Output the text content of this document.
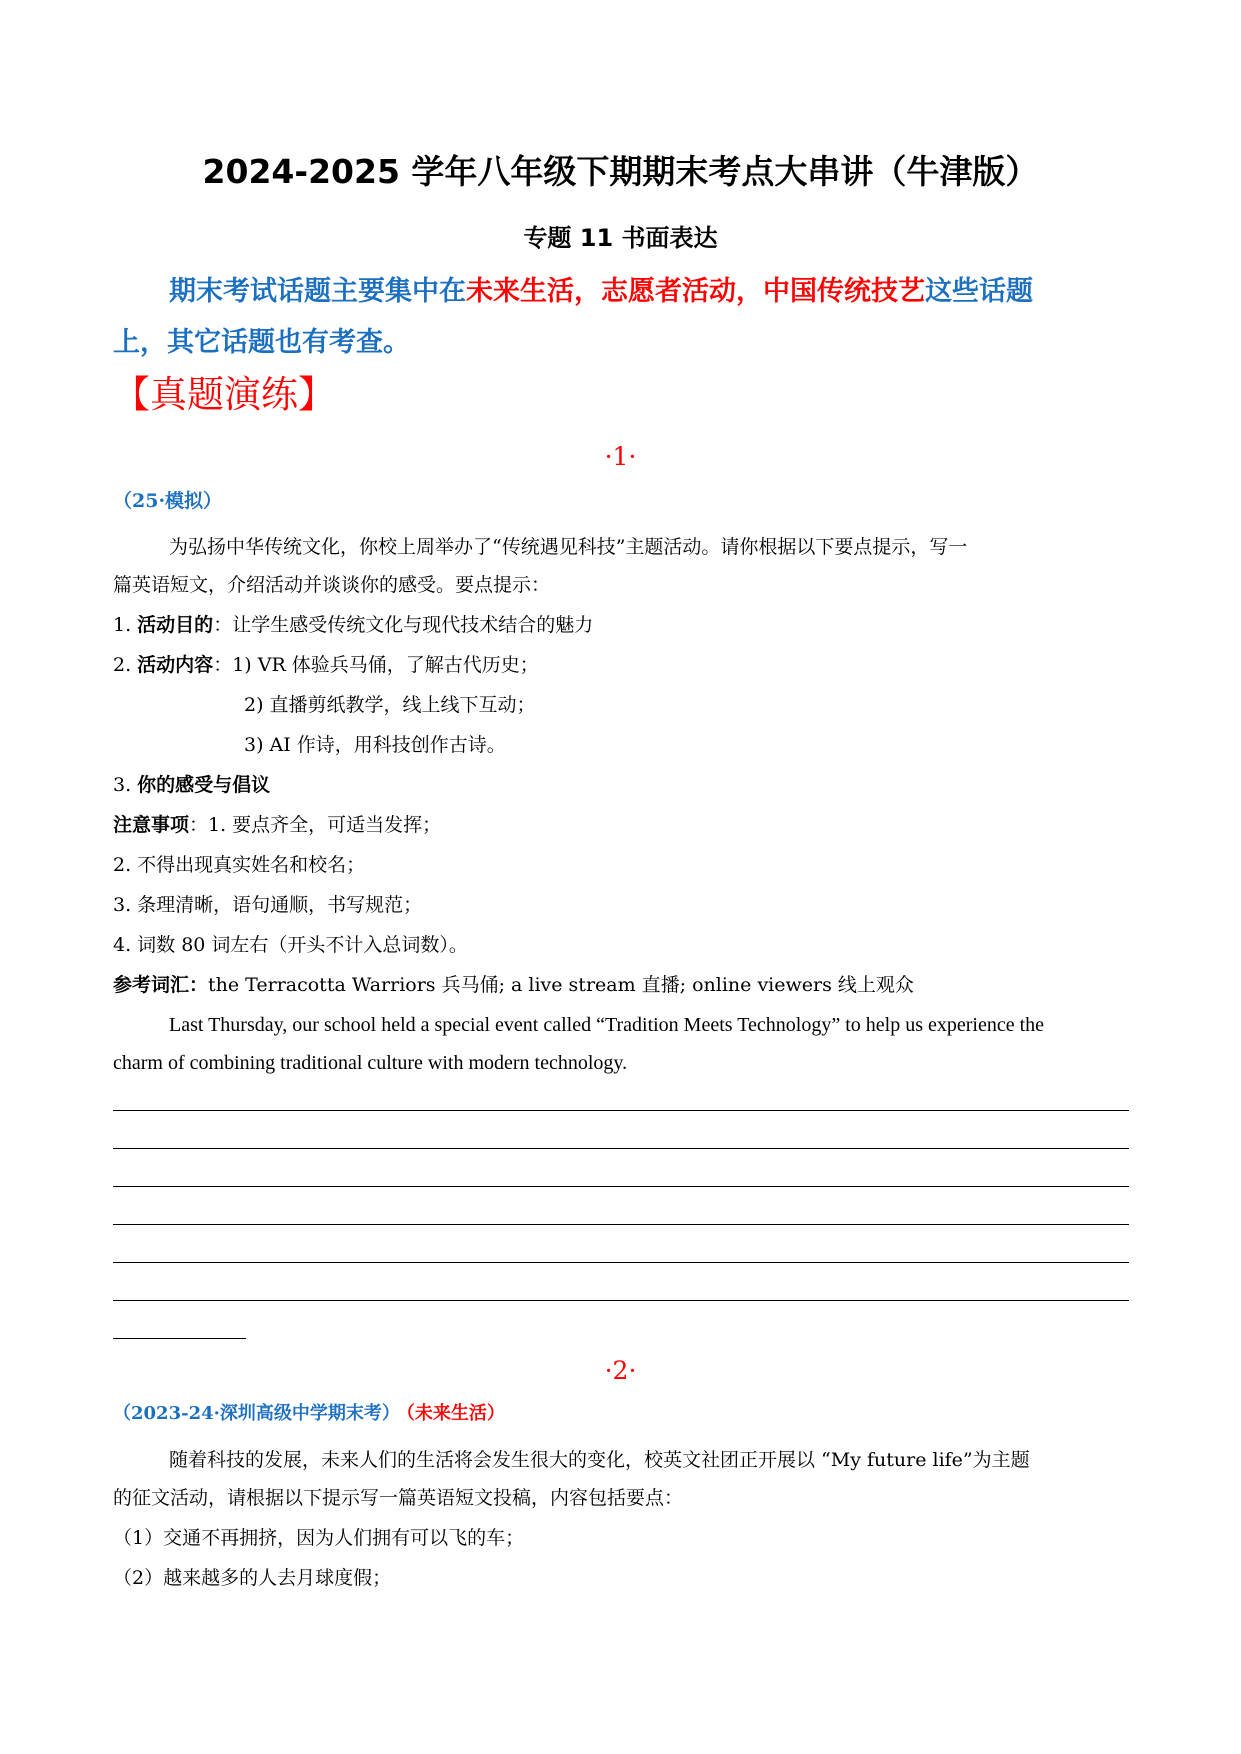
2024-2025 学年八年级下期期末考点大串讲（牛津版）
专题 11 书面表达
期末考试话题主要集中在未来生活，志愿者活动，中国传统技艺这些话题
上，其它话题也有考查。
【真题演练】
·1·
（25·模拟）
为弘扬中华传统文化，你校上周举办了“传统遇见科技”主题活动。请你根据以下要点提示，写一
篇英语短文，介绍活动并谈谈你的感受。要点提示：
1. 活动目的：让学生感受传统文化与现代技术结合的魅力
2. 活动内容：1) VR 体验兵马俑，了解古代历史；
2) 直播剪纸教学，线上线下互动；
3) AI 作诗，用科技创作古诗。
3. 你的感受与倡议
注意事项：1. 要点齐全，可适当发挥；
2. 不得出现真实姓名和校名；
3. 条理清晰，语句通顺，书写规范；
4. 词数 80 词左右（开头不计入总词数）。
参考词汇：the Terracotta Warriors 兵马俑; a live stream 直播; online viewers 线上观众
Last Thursday, our school held a special event called “Tradition Meets Technology” to help us experience the
charm of combining traditional culture with modern technology.
·2·
（2023-24·深圳高级中学期末考） （未来生活）
随着科技的发展，未来人们的生活将会发生很大的变化，校英文社团正开展以 “My future life”为主题
的征文活动，请根据以下提示写一篇英语短文投稿，内容包括要点：
（1）交通不再拥挤，因为人们拥有可以飞的车；
（2）越来越多的人去月球度假；
